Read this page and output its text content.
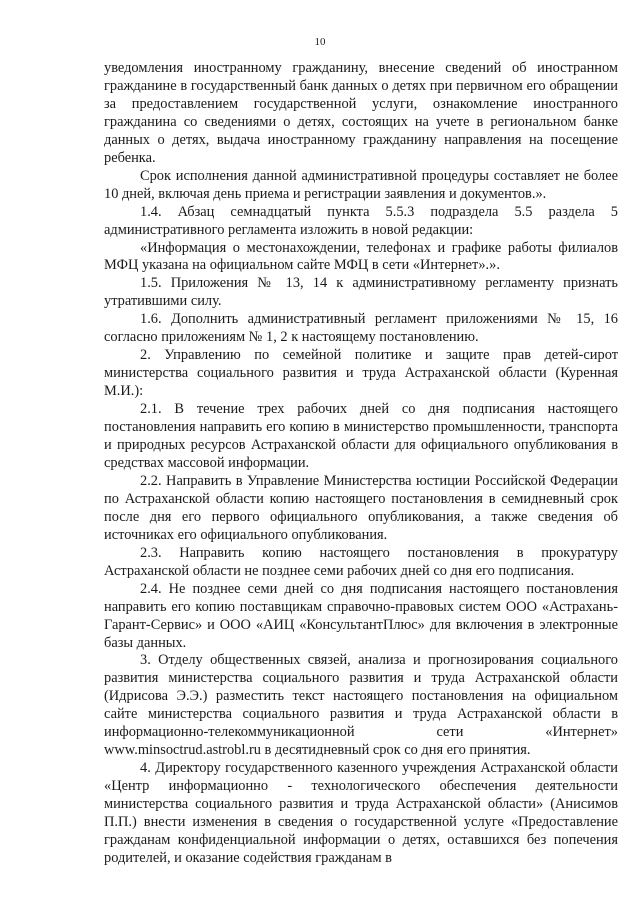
10

уведомления иностранному гражданину, внесение сведений об иностранном гражданине в государственный банк данных о детях при первичном его обращении за предоставлением государственной услуги, ознакомление иностранного гражданина со сведениями о детях, состоящих на учете в региональном банке данных о детях, выдача иностранному гражданину направления на посещение ребенка.

Срок исполнения данной административной процедуры составляет не более 10 дней, включая день приема и регистрации заявления и документов.».

1.4. Абзац семнадцатый пункта 5.5.3 подраздела 5.5 раздела 5 административного регламента изложить в новой редакции:

«Информация о местонахождении, телефонах и графике работы филиалов МФЦ указана на официальном сайте МФЦ в сети «Интернет».».

1.5. Приложения № 13, 14 к административному регламенту признать утратившими силу.

1.6. Дополнить административный регламент приложениями № 15, 16 согласно приложениям № 1, 2 к настоящему постановлению.

2. Управлению по семейной политике и защите прав детей-сирот министерства социального развития и труда Астраханской области (Куренная М.И.):

2.1. В течение трех рабочих дней со дня подписания настоящего постановления направить его копию в министерство промышленности, транспорта и природных ресурсов Астраханской области для официального опубликования в средствах массовой информации.

2.2. Направить в Управление Министерства юстиции Российской Федерации по Астраханской области копию настоящего постановления в семидневный срок после дня его первого официального опубликования, а также сведения об источниках его официального опубликования.

2.3. Направить копию настоящего постановления в прокуратуру Астраханской области не позднее семи рабочих дней со дня его подписания.

2.4. Не позднее семи дней со дня подписания настоящего постановления направить его копию поставщикам справочно-правовых систем ООО «Астрахань-Гарант-Сервис» и ООО «АИЦ «КонсультантПлюс» для включения в электронные базы данных.

3. Отделу общественных связей, анализа и прогнозирования социального развития министерства социального развития и труда Астраханской области (Идрисова Э.Э.) разместить текст настоящего постановления на официальном сайте министерства социального развития и труда Астраханской области в информационно-телекоммуникационной сети «Интернет» www.minsoctrud.astrobl.ru в десятидневный срок со дня его принятия.

4. Директору государственного казенного учреждения Астраханской области «Центр информационно - технологического обеспечения деятельности министерства социального развития и труда Астраханской области» (Анисимов П.П.) внести изменения в сведения о государственной услуге «Предоставление гражданам конфиденциальной информации о детях, оставшихся без попечения родителей, и оказание содействия гражданам в
